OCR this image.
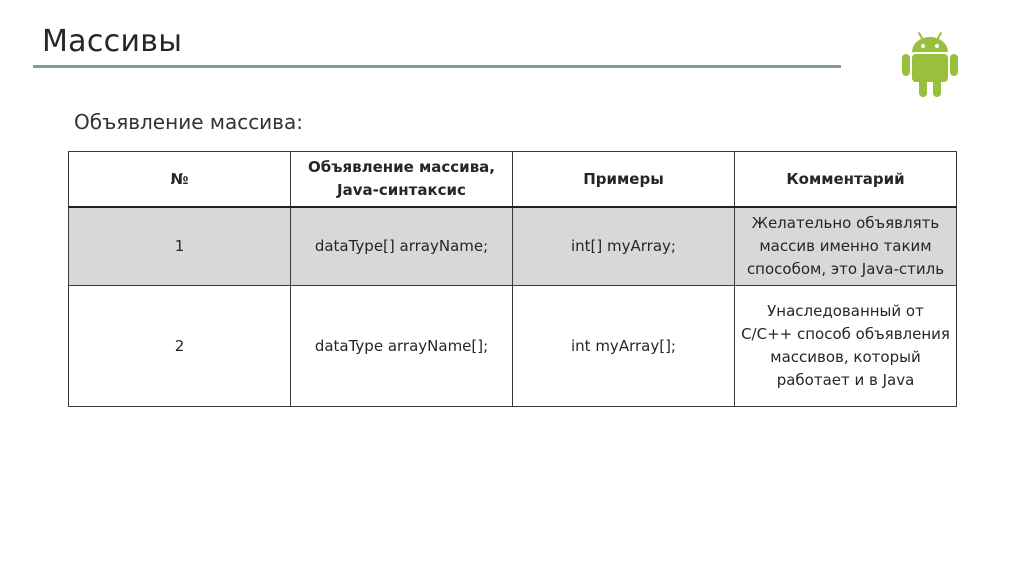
Массивы
Объявление массива:
№	Объявление массива, Java-синтаксис	Примеры	Комментарий
1	dataType[] arrayName;	int[] myArray;	Желательно объявлять массив именно таким способом, это Java-стиль
2	dataType arrayName[];	int myArray[];	Унаследованный от C/C++ способ объявления массивов, который работает и в Java
